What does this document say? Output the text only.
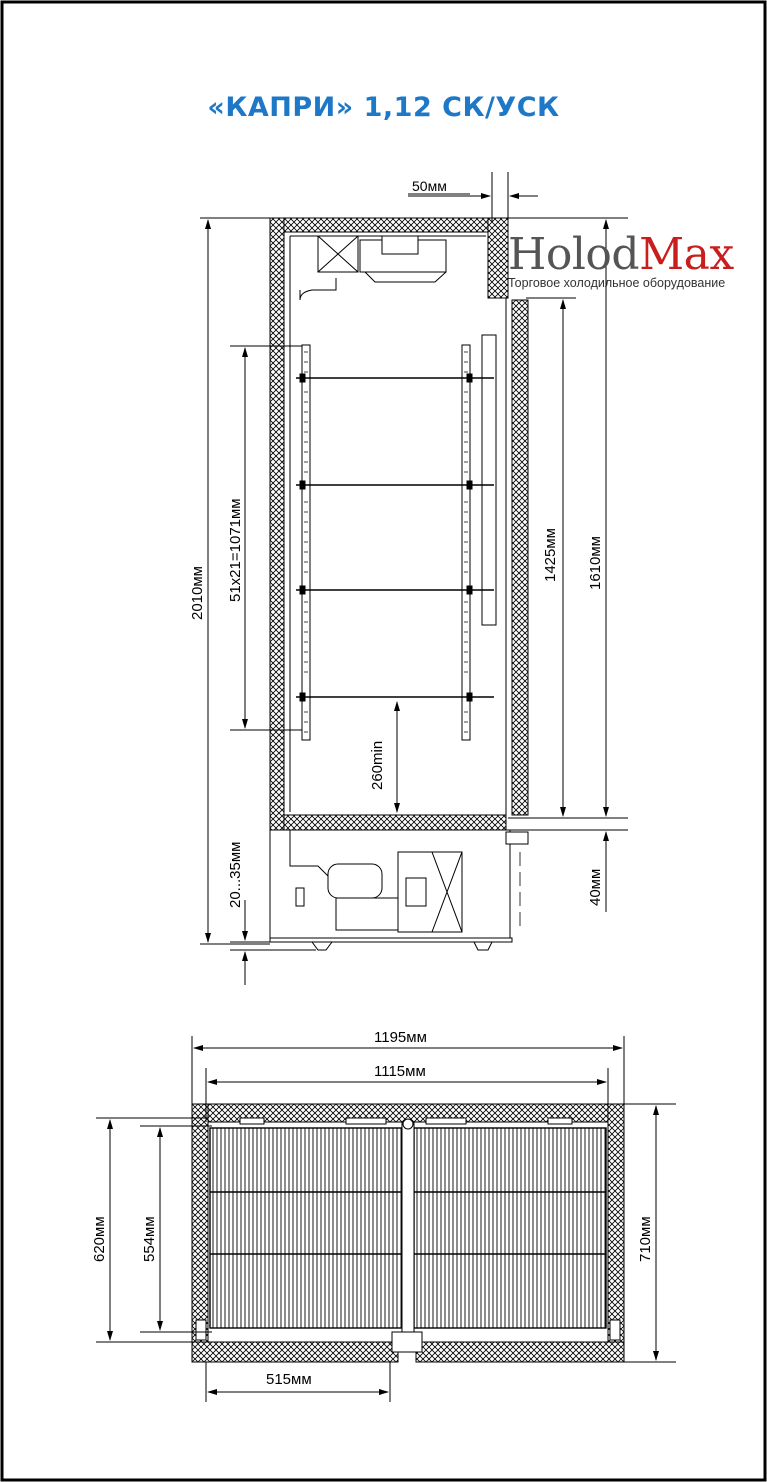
50мм
2010мм 51х21=1071мм
260min
1425мм 1610мм
40мм
20...35мм
1195мм
1115мм
620мм 554мм	710мм
515мм
«КАПРИ» 1,12 СК/УСК
HolodMax
Торговое холодильное оборудование
